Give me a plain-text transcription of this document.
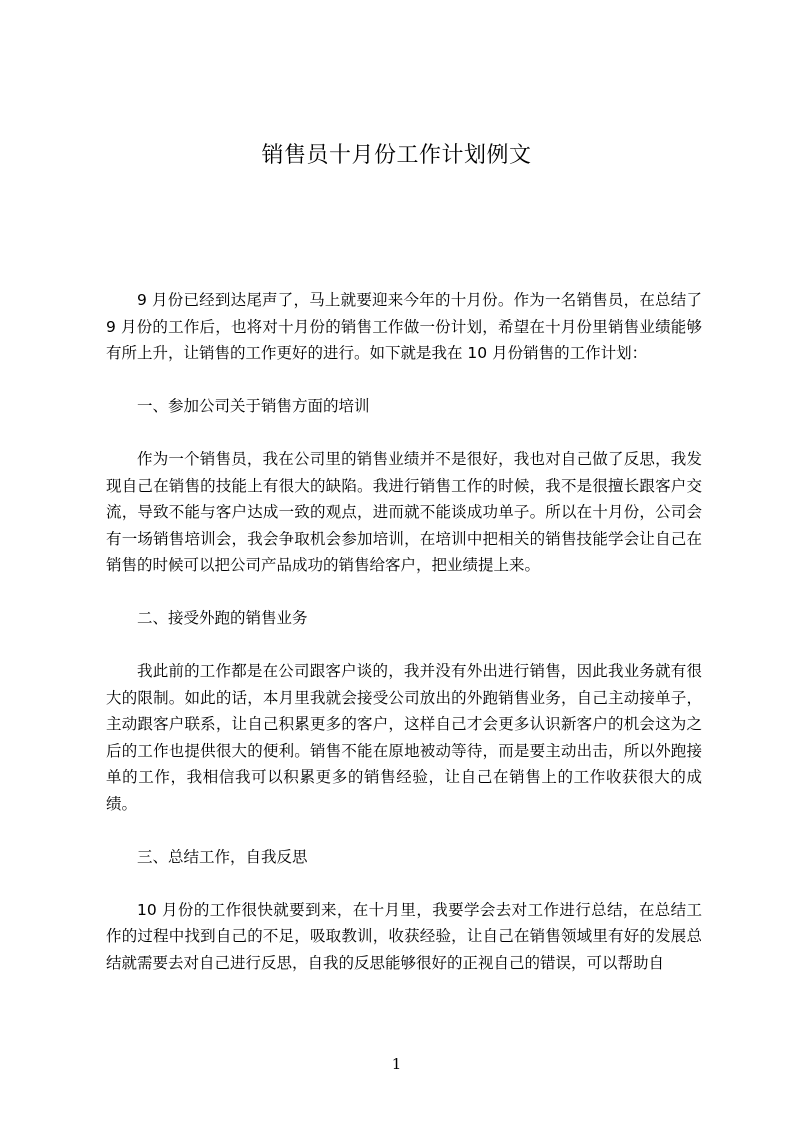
销售员十月份工作计划例文

9 月份已经到达尾声了，马上就要迎来今年的十月份。作为一名销售员，在总结了 9 月份的工作后，也将对十月份的销售工作做一份计划，希望在十月份里销售业绩能够有所上升，让销售的工作更好的进行。如下就是我在 10 月份销售的工作计划：

一、参加公司关于销售方面的培训

作为一个销售员，我在公司里的销售业绩并不是很好，我也对自己做了反思，我发现自己在销售的技能上有很大的缺陷。我进行销售工作的时候，我不是很擅长跟客户交流，导致不能与客户达成一致的观点，进而就不能谈成功单子。所以在十月份，公司会有一场销售培训会，我会争取机会参加培训，在培训中把相关的销售技能学会让自己在销售的时候可以把公司产品成功的销售给客户，把业绩提上来。

二、接受外跑的销售业务

我此前的工作都是在公司跟客户谈的，我并没有外出进行销售，因此我业务就有很大的限制。如此的话，本月里我就会接受公司放出的外跑销售业务，自己主动接单子，主动跟客户联系，让自己积累更多的客户，这样自己才会更多认识新客户的机会这为之后的工作也提供很大的便利。销售不能在原地被动等待，而是要主动出击，所以外跑接单的工作，我相信我可以积累更多的销售经验，让自己在销售上的工作收获很大的成绩。

三、总结工作，自我反思

10 月份的工作很快就要到来，在十月里，我要学会去对工作进行总结，在总结工作的过程中找到自己的不足，吸取教训，收获经验，让自己在销售领域里有好的发展总结就需要去对自己进行反思，自我的反思能够很好的正视自己的错误，可以帮助自

1
